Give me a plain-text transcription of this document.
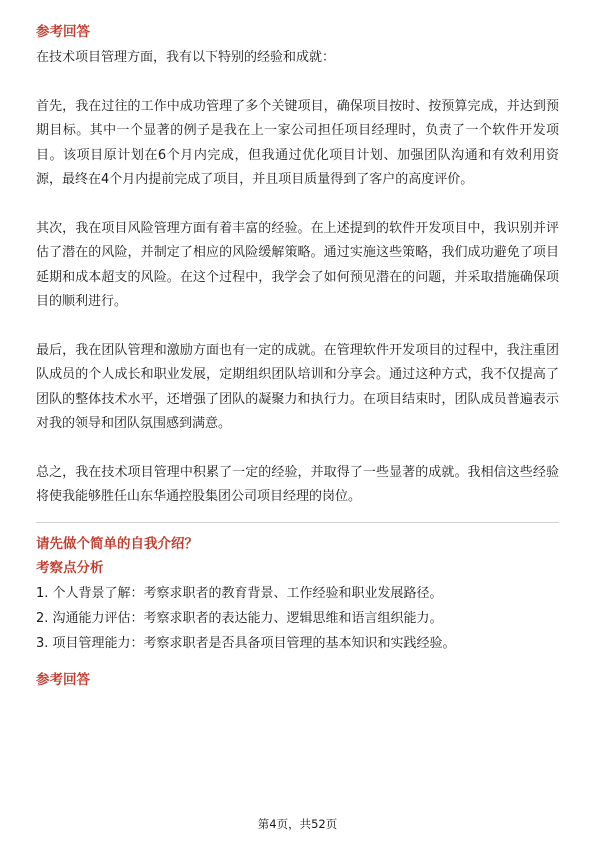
参考回答

在技术项目管理方面，我有以下特别的经验和成就：

首先，我在过往的工作中成功管理了多个关键项目，确保项目按时、按预算完成，并达到预期目标。其中一个显著的例子是我在上一家公司担任项目经理时，负责了一个软件开发项目。该项目原计划在6个月内完成，但我通过优化项目计划、加强团队沟通和有效利用资源，最终在4个月内提前完成了项目，并且项目质量得到了客户的高度评价。

其次，我在项目风险管理方面有着丰富的经验。在上述提到的软件开发项目中，我识别并评估了潜在的风险，并制定了相应的风险缓解策略。通过实施这些策略，我们成功避免了项目延期和成本超支的风险。在这个过程中，我学会了如何预见潜在的问题，并采取措施确保项目的顺利进行。

最后，我在团队管理和激励方面也有一定的成就。在管理软件开发项目的过程中，我注重团队成员的个人成长和职业发展，定期组织团队培训和分享会。通过这种方式，我不仅提高了团队的整体技术水平，还增强了团队的凝聚力和执行力。在项目结束时，团队成员普遍表示对我的领导和团队氛围感到满意。

总之，我在技术项目管理中积累了一定的经验，并取得了一些显著的成就。我相信这些经验将使我能够胜任山东华通控股集团公司项目经理的岗位。

请先做个简单的自我介绍？

考察点分析

1. 个人背景了解：考察求职者的教育背景、工作经验和职业发展路径。

2. 沟通能力评估：考察求职者的表达能力、逻辑思维和语言组织能力。

3. 项目管理能力：考察求职者是否具备项目管理的基本知识和实践经验。

参考回答

第4页，共52页
